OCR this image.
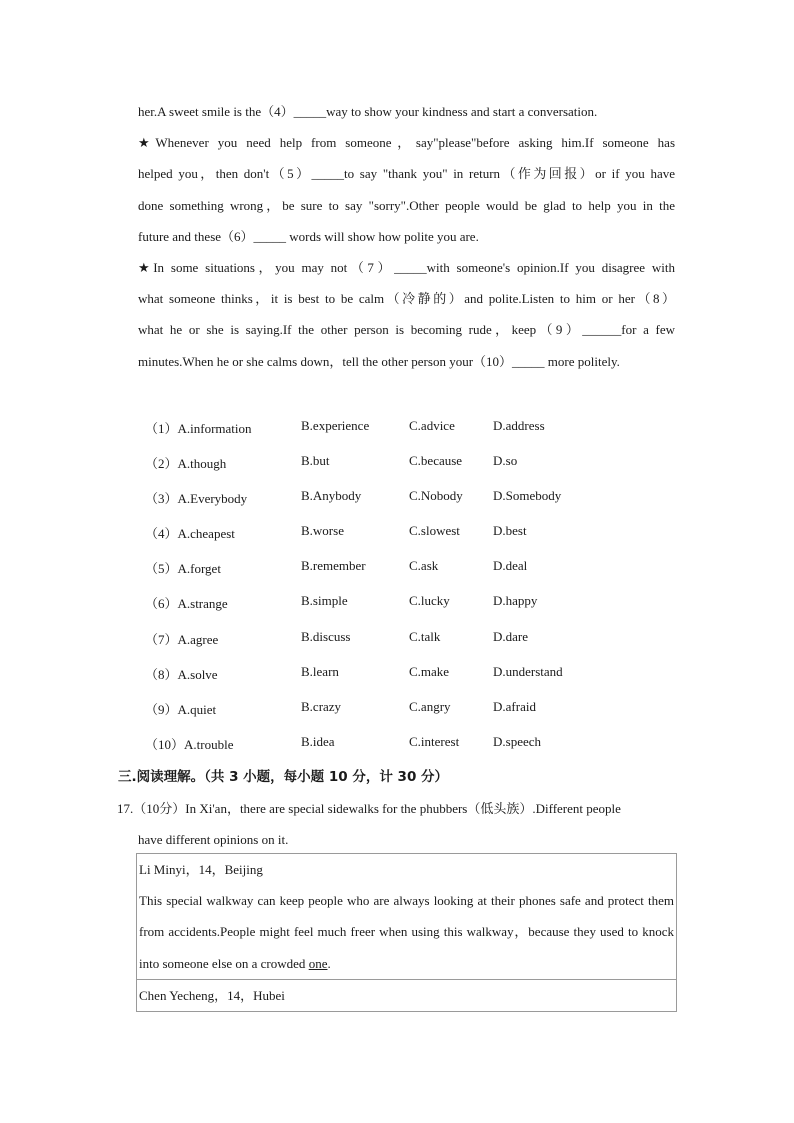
her.A sweet smile is the（4）_____way to show your kindness and start a conversation.

★Whenever you need help from someone，say"please"before asking him.If someone has

helped you，then don't（5）_____to say "thank you" in return（作为回报）or if you have

done something wrong，be sure to say "sorry".Other people would be glad to help you in the

future and these（6）_____ words will show how polite you are.

★In some situations，you may not（7）_____with someone's opinion.If you disagree with

what someone thinks，it is best to be calm（冷静的）and polite.Listen to him or her（8）

what he or she is saying.If the other person is becoming rude，keep（9）______for a few

minutes.When he or she calms down，tell the other person your（10）_____ more politely.

（1）A.information	B.experience	C.advice	D.address
（2）A.though	B.but	C.because D.so
（3）A.Everybody	B.Anybody	C.Nobody D.Somebody
（4）A.cheapest	B.worse	C.slowest	D.best
（5）A.forget	B.remember	C.ask	D.deal
（6）A.strange	B.simple	C.lucky	D.happy
（7）A.agree	B.discuss	C.talk	D.dare
（8）A.solve	B.learn	C.make	D.understand
（9）A.quiet	B.crazy	C.angry	D.afraid
（10）A.trouble	B.idea	C.interest	D.speech
三.阅读理解。（共 3 小题，每小题 10 分，计 30 分）

17.（10分）In Xi'an，there are special sidewalks for the phubbers（低头族）.Different people

have different opinions on it.

Li Minyi，14，Beijing

This special walkway can keep people who are always looking at their phones safe and protect them from accidents.People might feel much freer when using this walkway，because they used to knock into someone else on a crowded one.

Chen Yecheng，14，Hubei
